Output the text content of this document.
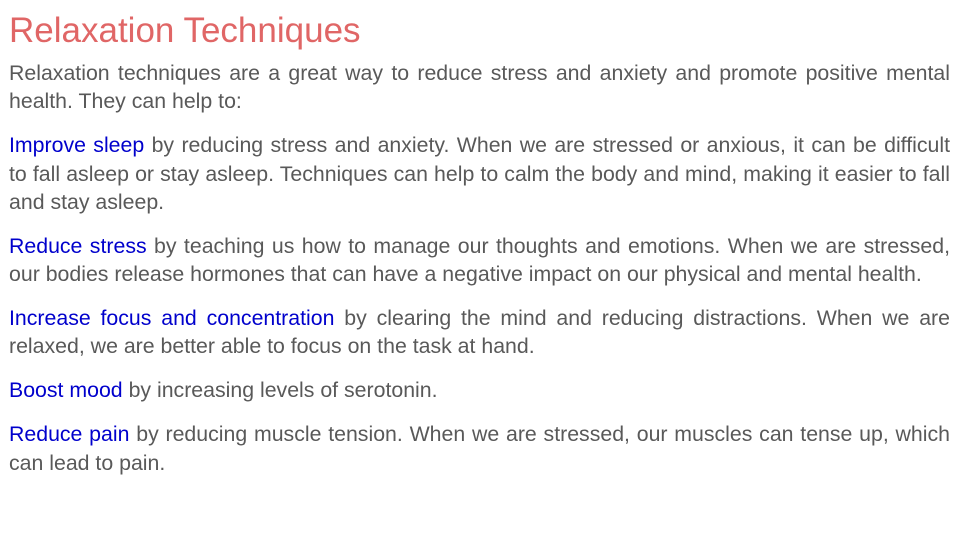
Relaxation Techniques

Relaxation techniques are a great way to reduce stress and anxiety and promote positive mental health. They can help to:

Improve sleep by reducing stress and anxiety. When we are stressed or anxious, it can be difficult to fall asleep or stay asleep. Techniques can help to calm the body and mind, making it easier to fall and stay asleep.

Reduce stress by teaching us how to manage our thoughts and emotions. When we are stressed, our bodies release hormones that can have a negative impact on our physical and mental health.

Increase focus and concentration by clearing the mind and reducing distractions. When we are relaxed, we are better able to focus on the task at hand.

Boost mood by increasing levels of serotonin.

Reduce pain by reducing muscle tension. When we are stressed, our muscles can tense up, which can lead to pain.
